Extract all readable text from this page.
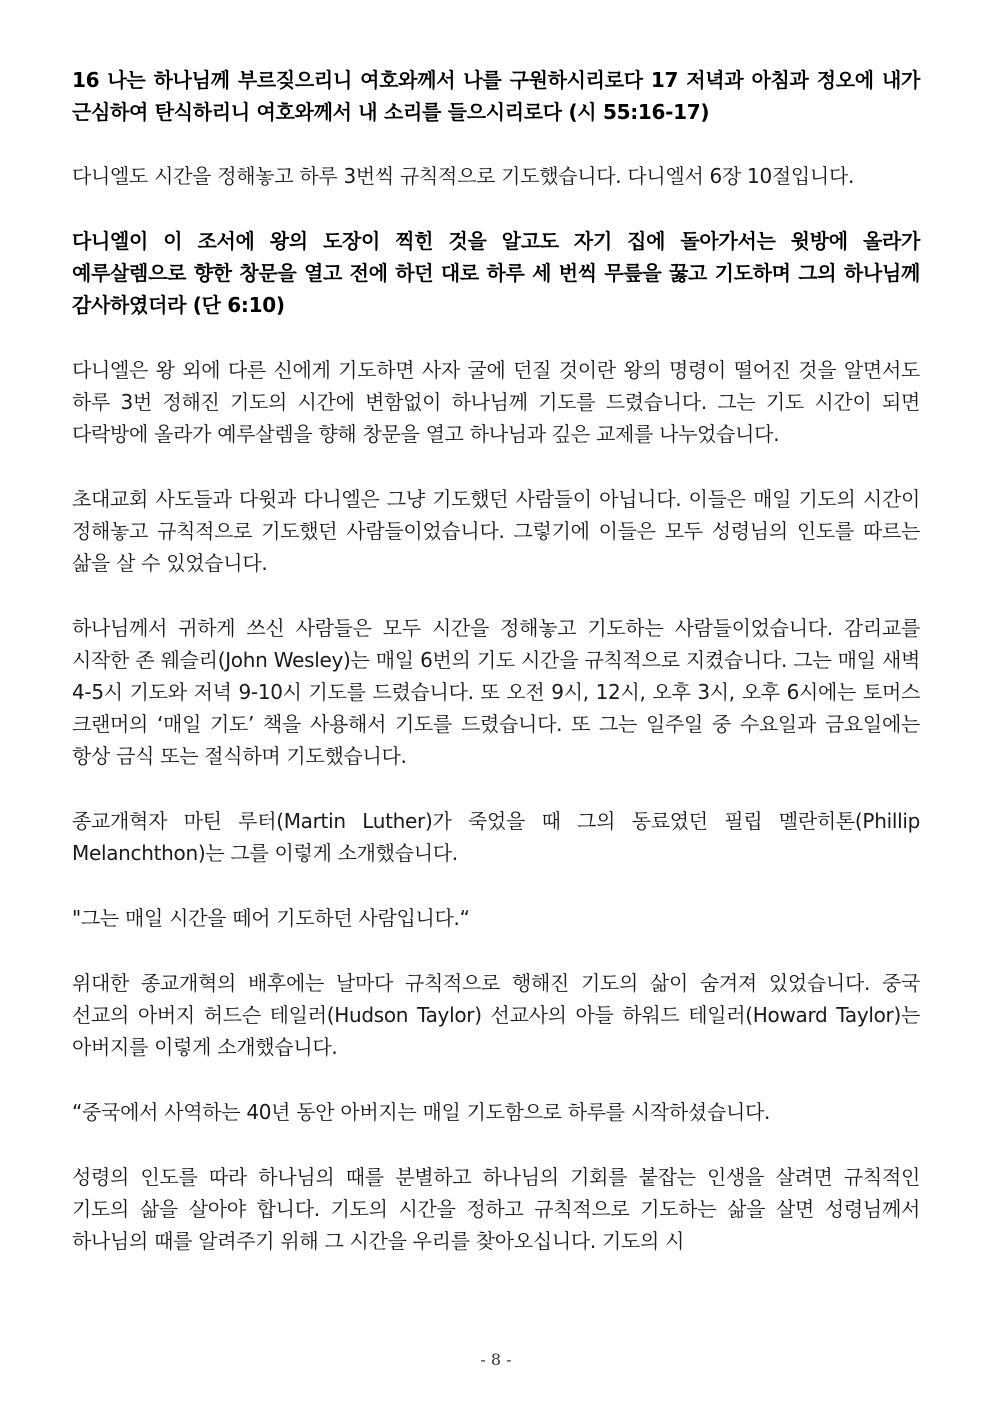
16 나는 하나님께 부르짖으리니 여호와께서 나를 구원하시리로다 17 저녁과 아침과 정오에 내가 근심하여 탄식하리니 여호와께서 내 소리를 들으시리로다 (시 55:16-17)

다니엘도 시간을 정해놓고 하루 3번씩 규칙적으로 기도했습니다. 다니엘서 6장 10절입니다.

다니엘이 이 조서에 왕의 도장이 찍힌 것을 알고도 자기 집에 돌아가서는 윗방에 올라가 예루살렘으로 향한 창문을 열고 전에 하던 대로 하루 세 번씩 무릎을 꿇고 기도하며 그의 하나님께 감사하였더라 (단 6:10)

다니엘은 왕 외에 다른 신에게 기도하면 사자 굴에 던질 것이란 왕의 명령이 떨어진 것을 알면서도 하루 3번 정해진 기도의 시간에 변함없이 하나님께 기도를 드렸습니다. 그는 기도 시간이 되면 다락방에 올라가 예루살렘을 향해 창문을 열고 하나님과 깊은 교제를 나누었습니다.

초대교회 사도들과 다윗과 다니엘은 그냥 기도했던 사람들이 아닙니다. 이들은 매일 기도의 시간이 정해놓고 규칙적으로 기도했던 사람들이었습니다. 그렇기에 이들은 모두 성령님의 인도를 따르는 삶을 살 수 있었습니다.

하나님께서 귀하게 쓰신 사람들은 모두 시간을 정해놓고 기도하는 사람들이었습니다. 감리교를 시작한 존 웨슬리(John Wesley)는 매일 6번의 기도 시간을 규칙적으로 지켰습니다. 그는 매일 새벽 4-5시 기도와 저녁 9-10시 기도를 드렸습니다. 또 오전 9시, 12시, 오후 3시, 오후 6시에는 토머스 크랜머의 ‘매일 기도’ 책을 사용해서 기도를 드렸습니다. 또 그는 일주일 중 수요일과 금요일에는 항상 금식 또는 절식하며 기도했습니다.

종교개혁자 마틴 루터(Martin Luther)가 죽었을 때 그의 동료였던 필립 멜란히톤(Phillip Melanchthon)는 그를 이렇게 소개했습니다.

"그는 매일 시간을 떼어 기도하던 사람입니다.“

위대한 종교개혁의 배후에는 날마다 규칙적으로 행해진 기도의 삶이 숨겨져 있었습니다. 중국 선교의 아버지 허드슨 테일러(Hudson Taylor) 선교사의 아들 하워드 테일러(Howard Taylor)는 아버지를 이렇게 소개했습니다.

“중국에서 사역하는 40년 동안 아버지는 매일 기도함으로 하루를 시작하셨습니다.

성령의 인도를 따라 하나님의 때를 분별하고 하나님의 기회를 붙잡는 인생을 살려면 규칙적인 기도의 삶을 살아야 합니다. 기도의 시간을 정하고 규칙적으로 기도하는 삶을 살면 성령님께서 하나님의 때를 알려주기 위해 그 시간을 우리를 찾아오십니다. 기도의 시

- 8 -
